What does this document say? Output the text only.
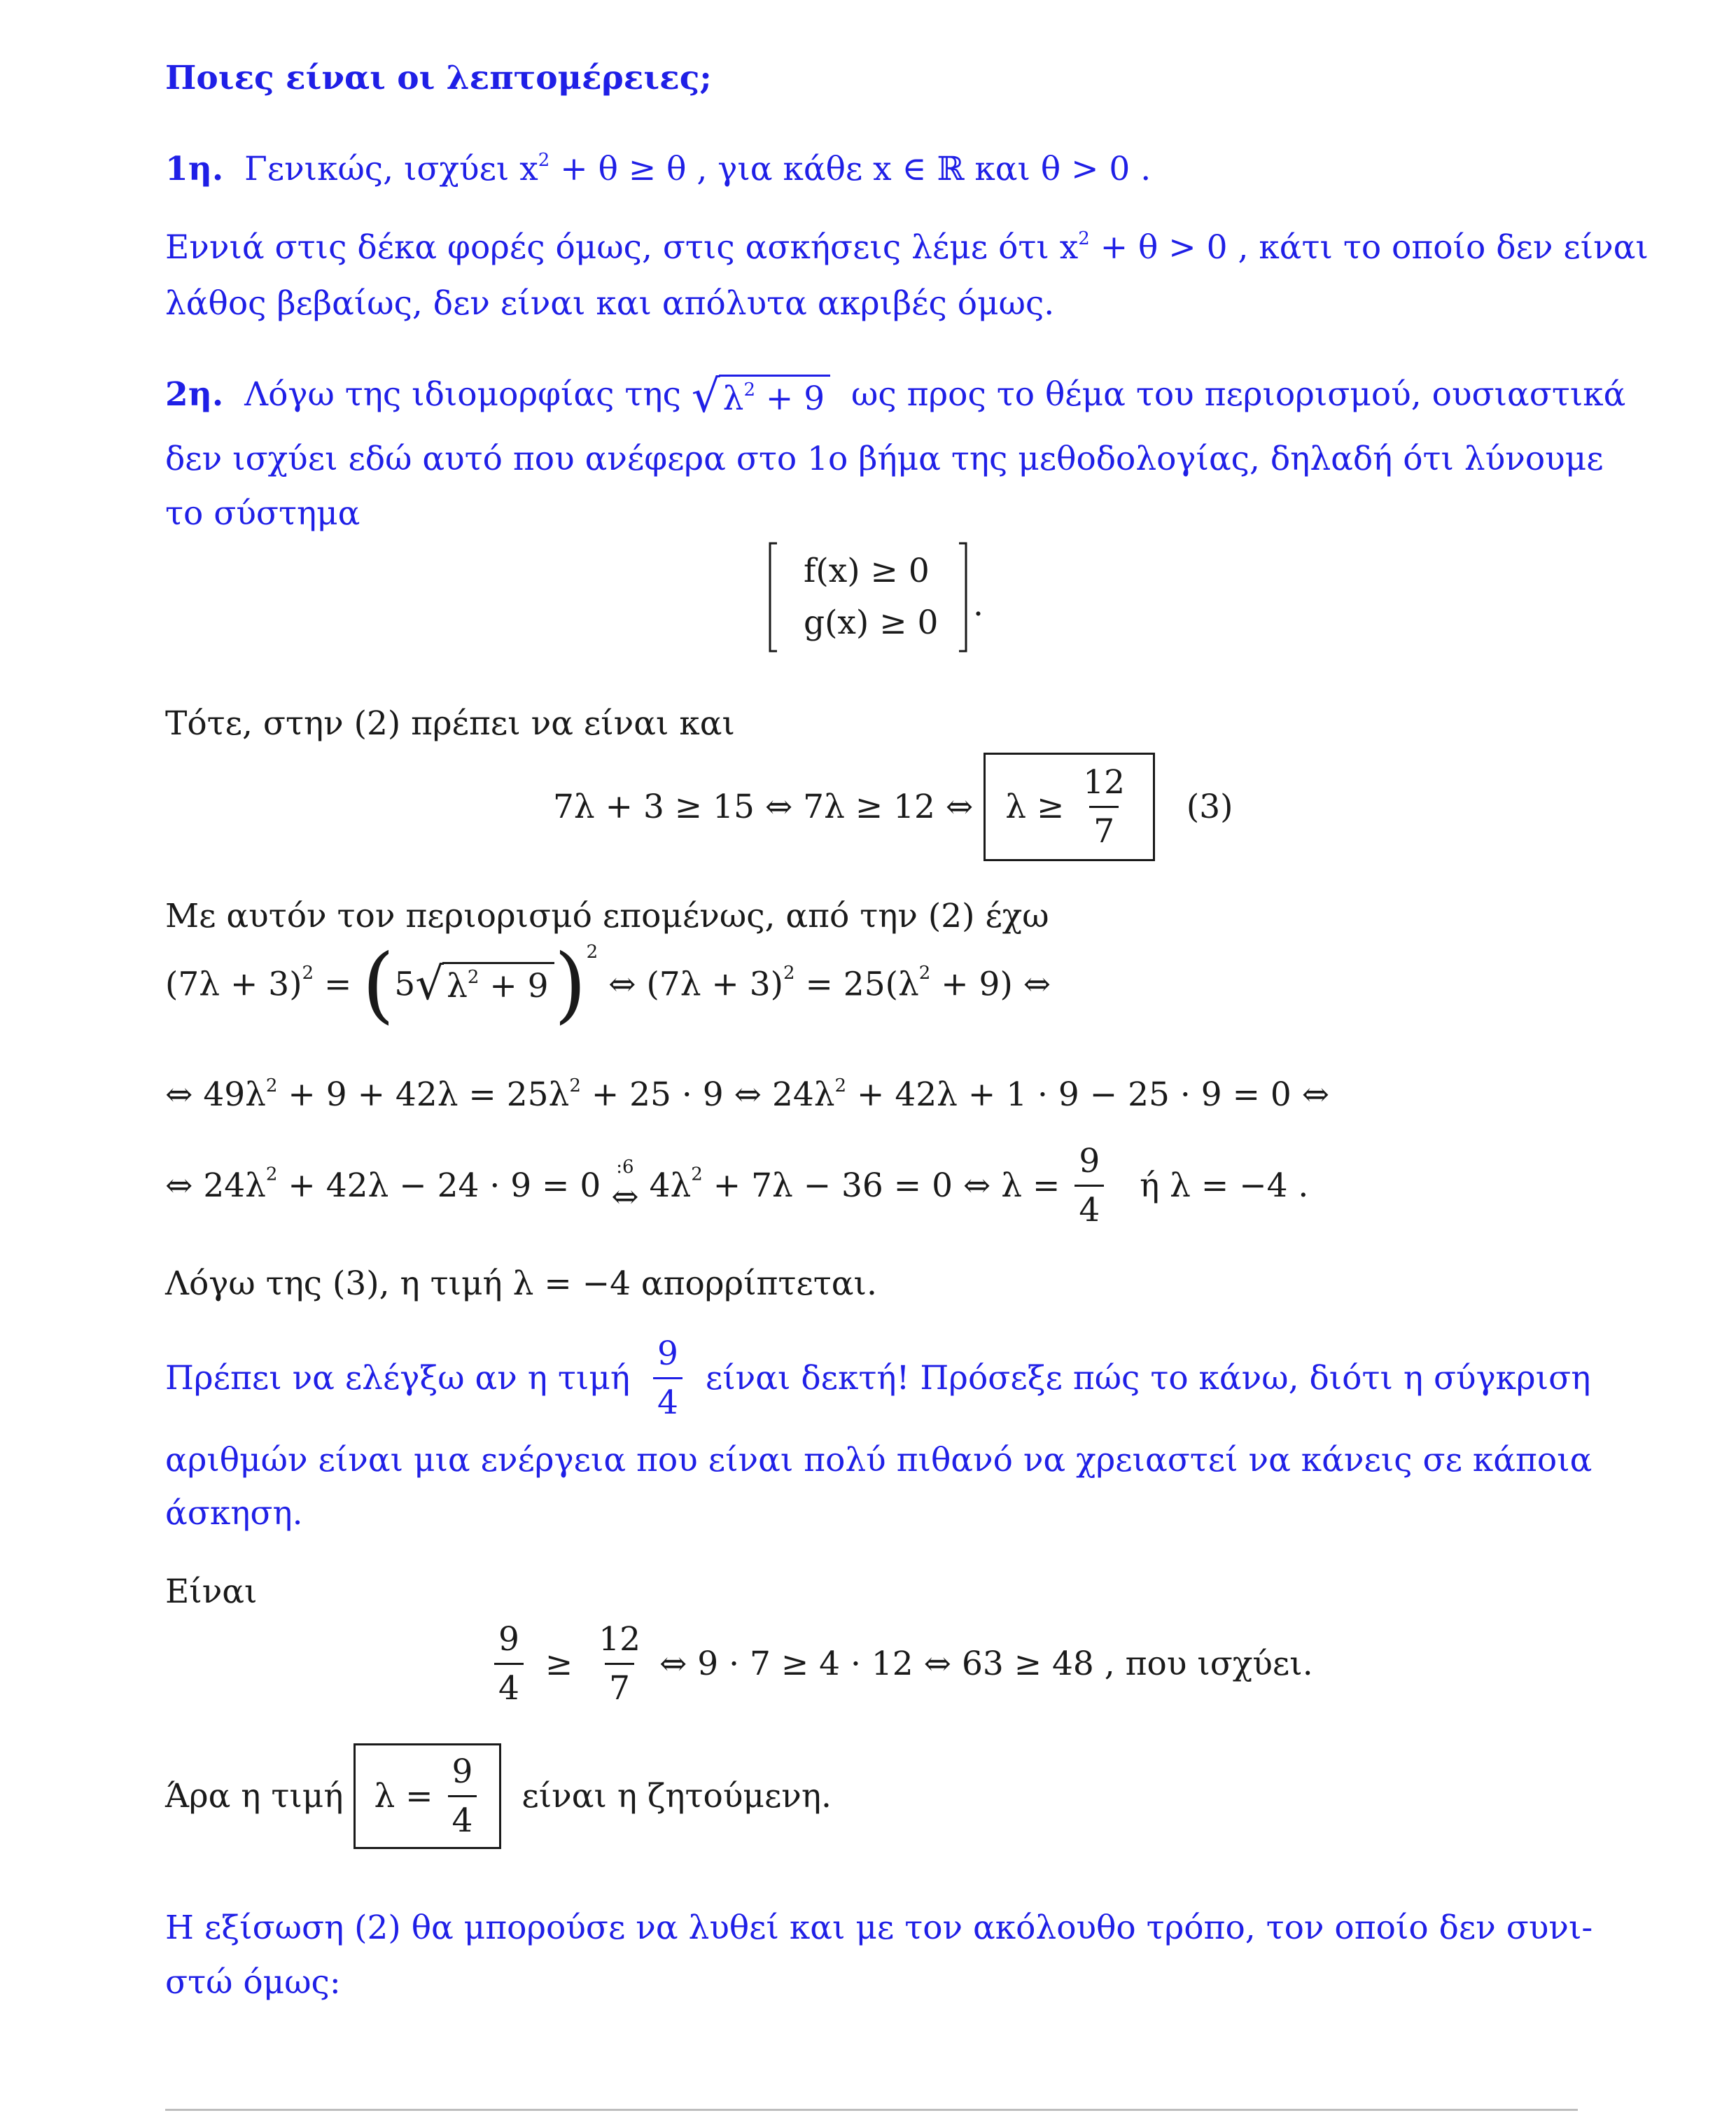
Ποιες είναι οι λεπτομέρειες;
1η. Γενικώς, ισχύει $x^2 + \theta \ge \theta$ , για κάθε x ∈ ℝ και θ > 0 .
Εννιά στις δέκα φορές όμως, στις ασκήσεις λέμε ότι $x^2 + \theta > 0$ , κάτι το οποίο δεν είναι
λάθος βεβαίως, δεν είναι και απόλυτα ακριβές όμως.
2η. Λόγω της ιδιομορφίας της √ $\lambda^2 + 9$ ως προς το θέμα του περιορισμού, ουσιαστικά
δεν ισχύει εδώ αυτό που ανέφερα στο 1ο βήμα της μεθοδολογίας, δηλαδή ότι λύνουμε
το σύστημα
f(x) ≥ 0
g(x) ≥ 0 .
Τότε, στην (2) πρέπει να είναι και
7λ + 3 ≥ 15 ⇔ 7λ ≥ 12 ⇔ $\lambda \ge \frac{12}{7} (3)$
Με αυτόν τον περιορισμό επομένως, από την (2) έχω
$(7\lambda + 3)^2 = (5$ √ $\lambda^2 + 9$ )$^2$ ⇔ $(7\lambda + 3)^2 = 25(\lambda^2 + 9)$ ⇔
⇔ $49\lambda^2 + 9 + 42\lambda = 25\lambda^2 + 25 \cdot 9$ ⇔ $24\lambda^2 + 42\lambda + 1 \cdot 9 - 25 \cdot 9 = 0$ ⇔
⇔ $24\lambda^2 + 42\lambda - 24 \cdot 9 = 0$ :6
⇔ $4\lambda^2 + 7\lambda - 36 = 0$ ⇔ $\lambda = \frac{9}{4}$ ή λ = −4 .
Λόγω της (3), η τιμή λ = −4 απορρίπτεται.
Πρέπει να ελέγξω αν η τιμή $\frac{9}{4}$ είναι δεκτή! Πρόσεξε πώς το κάνω, διότι η σύγκριση
αριθμών είναι μια ενέργεια που είναι πολύ πιθανό να χρειαστεί να κάνεις σε κάποια
άσκηση.
Είναι
$\frac{9}{4} \ge \frac{12}{7}$ ⇔ 9 · 7 ≥ 4 · 12 ⇔ 63 ≥ 48 , που ισχύει.
Άρα η τιμή $\lambda = \frac{9}{4}$ είναι η ζητούμενη.
Η εξίσωση (2) θα μπορούσε να λυθεί και με τον ακόλουθο τρόπο, τον οποίο δεν συνι-
στώ όμως:
